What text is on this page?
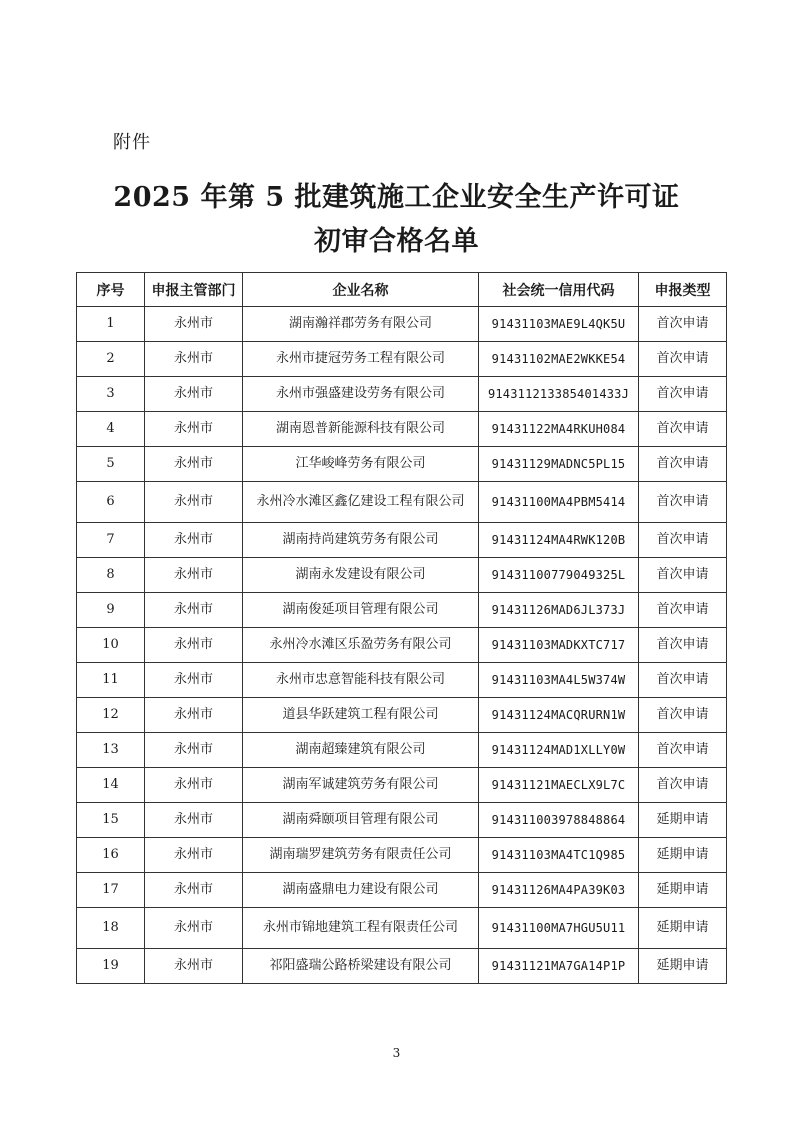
附件
2025 年第 5 批建筑施工企业安全生产许可证
初审合格名单
序号	申报主管部门	企业名称	社会统一信用代码	申报类型
1	永州市	湖南瀚祥郡劳务有限公司	91431103MAE9L4QK5U	首次申请
2	永州市	永州市捷冠劳务工程有限公司	91431102MAE2WKKE54	首次申请
3	永州市	永州市强盛建设劳务有限公司	914311213385401433J	首次申请
4	永州市	湖南恩普新能源科技有限公司	91431122MA4RKUH084	首次申请
5	永州市	江华峻峰劳务有限公司	91431129MADNC5PL15	首次申请
6	永州市	永州冷水滩区鑫亿建设工程有限公司	91431100MA4PBM5414	首次申请
7	永州市	湖南持尚建筑劳务有限公司	91431124MA4RWK120B	首次申请
8	永州市	湖南永发建设有限公司	91431100779049325L	首次申请
9	永州市	湖南俊延项目管理有限公司	91431126MAD6JL373J	首次申请
10	永州市	永州冷水滩区乐盈劳务有限公司	91431103MADKXTC717	首次申请
11	永州市	永州市忠意智能科技有限公司	91431103MA4L5W374W	首次申请
12	永州市	道县华跃建筑工程有限公司	91431124MACQRURN1W	首次申请
13	永州市	湖南超臻建筑有限公司	91431124MAD1XLLY0W	首次申请
14	永州市	湖南军诚建筑劳务有限公司	91431121MAECLX9L7C	首次申请
15	永州市	湖南舜颐项目管理有限公司	914311003978848864	延期申请
16	永州市	湖南瑞罗建筑劳务有限责任公司	91431103MA4TC1Q985	延期申请
17	永州市	湖南盛鼎电力建设有限公司	91431126MA4PA39K03	延期申请
18	永州市	永州市锦地建筑工程有限责任公司	91431100MA7HGU5U11	延期申请
19	永州市	祁阳盛瑞公路桥梁建设有限公司	91431121MA7GA14P1P	延期申请
3
